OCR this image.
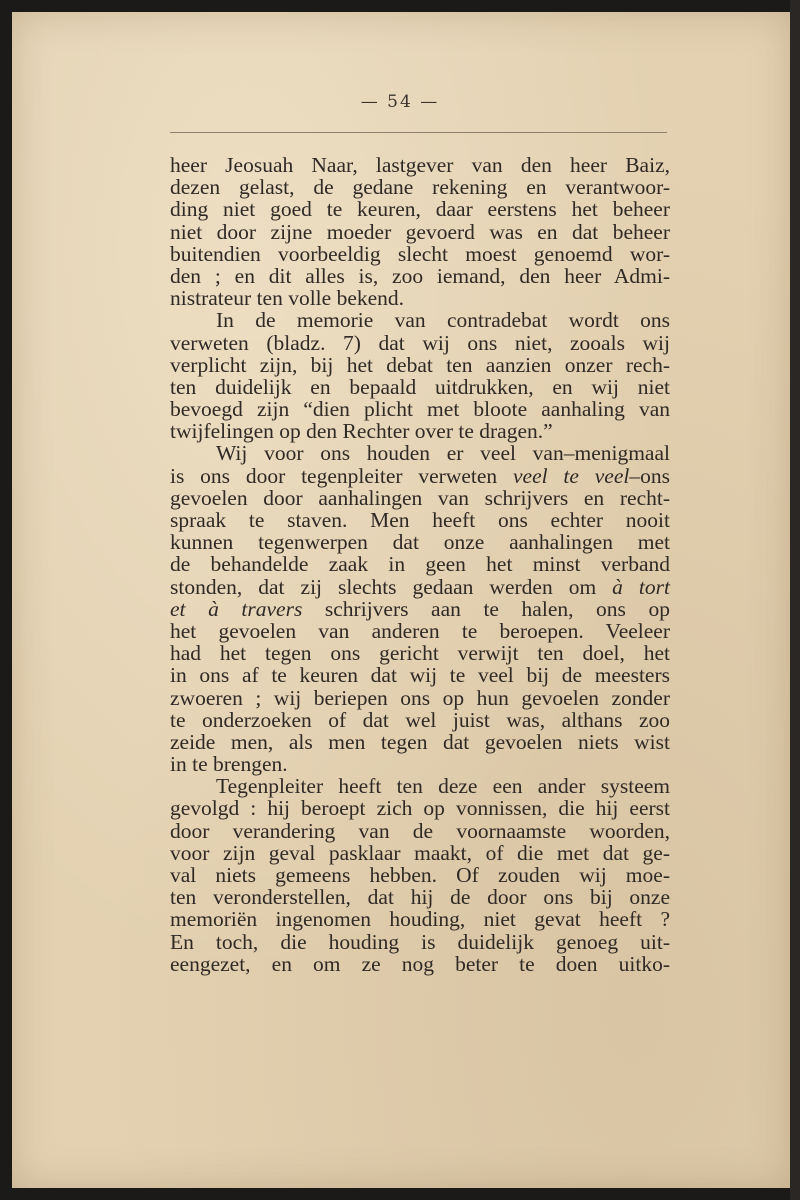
— 54 —
heer Jeosuah Naar, lastgever van den heer Baiz,
dezen gelast, de gedane rekening en verantwoor-
ding niet goed te keuren, daar eerstens het beheer
niet door zijne moeder gevoerd was en dat beheer
buitendien voorbeeldig slecht moest genoemd wor-
den ; en dit alles is, zoo iemand, den heer Admi-
nistrateur ten volle bekend.
In de memorie van contradebat wordt ons
verweten (bladz. 7) dat wij ons niet, zooals wij
verplicht zijn, bij het debat ten aanzien onzer rech-
ten duidelijk en bepaald uitdrukken, en wij niet
bevoegd zijn “dien plicht met bloote aanhaling van
twijfelingen op den Rechter over te dragen.”
Wij voor ons houden er veel van–menigmaal
is ons door tegenpleiter verweten veel te veel–ons
gevoelen door aanhalingen van schrijvers en recht-
spraak te staven. Men heeft ons echter nooit
kunnen tegenwerpen dat onze aanhalingen met
de behandelde zaak in geen het minst verband
stonden, dat zij slechts gedaan werden om à tort
et à travers schrijvers aan te halen, ons op
het gevoelen van anderen te beroepen. Veeleer
had het tegen ons gericht verwijt ten doel, het
in ons af te keuren dat wij te veel bij de meesters
zwoeren ; wij beriepen ons op hun gevoelen zonder
te onderzoeken of dat wel juist was, althans zoo
zeide men, als men tegen dat gevoelen niets wist
in te brengen.
Tegenpleiter heeft ten deze een ander systeem
gevolgd : hij beroept zich op vonnissen, die hij eerst
door verandering van de voornaamste woorden,
voor zijn geval pasklaar maakt, of die met dat ge-
val niets gemeens hebben. Of zouden wij moe-
ten veronderstellen, dat hij de door ons bij onze
memoriën ingenomen houding, niet gevat heeft ?
En toch, die houding is duidelijk genoeg uit-
eengezet, en om ze nog beter te doen uitko-
